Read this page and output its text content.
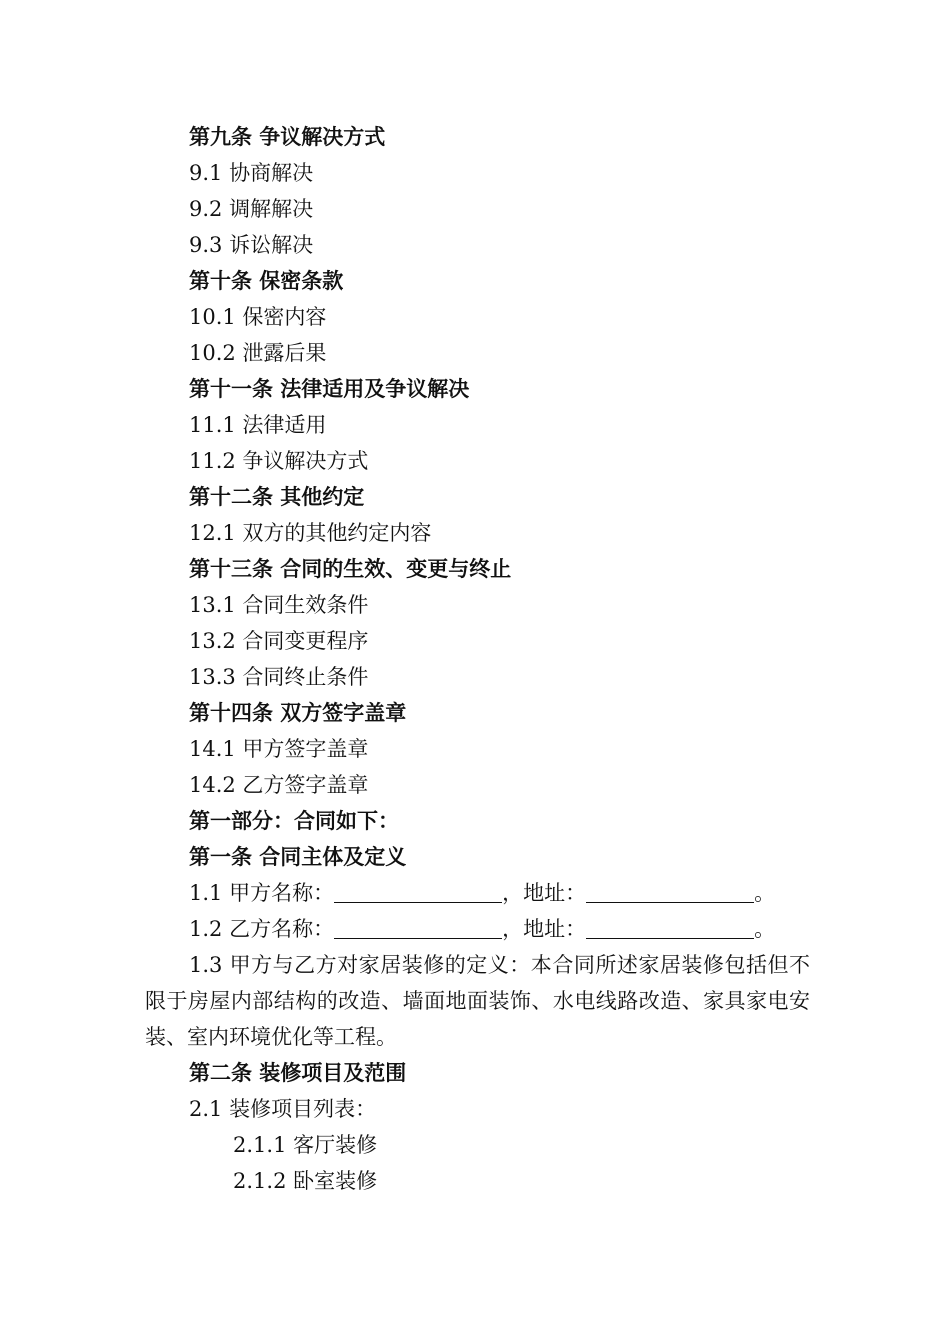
第九条 争议解决方式

9.1 协商解决

9.2 调解解决

9.3 诉讼解决

第十条 保密条款

10.1 保密内容

10.2 泄露后果

第十一条 法律适用及争议解决

11.1 法律适用

11.2 争议解决方式

第十二条 其他约定

12.1 双方的其他约定内容

第十三条 合同的生效、变更与终止

13.1 合同生效条件

13.2 合同变更程序

13.3 合同终止条件

第十四条 双方签字盖章

14.1 甲方签字盖章

14.2 乙方签字盖章

第一部分：合同如下：

第一条 合同主体及定义

1.1 甲方名称：	，地址：	。

1.2 乙方名称：	，地址：	。

1.3 甲方与乙方对家居装修的定义：本合同所述家居装修包括但不限于房屋内部结构的改造、墙面地面装饰、水电线路改造、家具家电安装、室内环境优化等工程。

第二条 装修项目及范围

2.1 装修项目列表：

2.1.1 客厅装修

2.1.2 卧室装修
